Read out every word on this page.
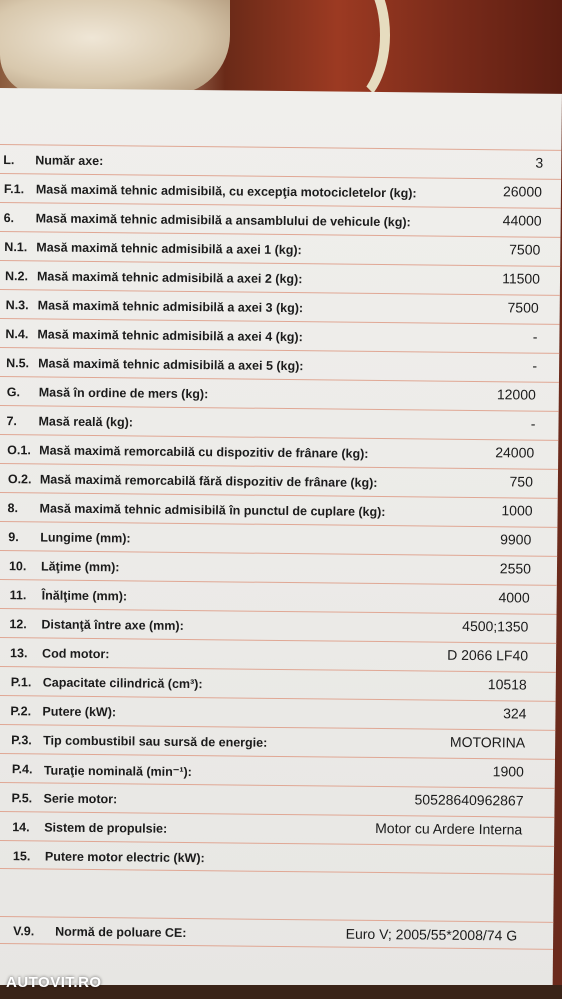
L.	Număr axe:	3
F.1. Masă maximă tehnic admisibilă, cu excepţia motocicletelor (kg):	26000
6.	Masă maximă tehnic admisibilă a ansamblului de vehicule (kg):	44000
N.1. Masă maximă tehnic admisibilă a axei 1 (kg):	7500
N.2. Masă maximă tehnic admisibilă a axei 2 (kg):	11500
N.3. Masă maximă tehnic admisibilă a axei 3 (kg):	7500
N.4. Masă maximă tehnic admisibilă a axei 4 (kg):	-
N.5. Masă maximă tehnic admisibilă a axei 5 (kg):	-
G.	Masă în ordine de mers (kg):	12000
7.	Masă reală (kg):	-
O.1. Masă maximă remorcabilă cu dispozitiv de frânare (kg):	24000
O.2. Masă maximă remorcabilă fără dispozitiv de frânare (kg):	750
8.	Masă maximă tehnic admisibilă în punctul de cuplare (kg):	1000
9.	Lungime (mm):	9900
10.	Lăţime (mm):	2550
11.	Înălţime (mm):	4000
12.	Distanţă între axe (mm):	4500;1350
13.	Cod motor:	D 2066 LF40
P.1. Capacitate cilindrică (cm³):	10518
P.2. Putere (kW):	324
P.3. Tip combustibil sau sursă de energie:	MOTORINA
P.4. Turaţie nominală (min⁻¹):	1900
P.5. Serie motor:	50528640962867
14.	Sistem de propulsie:	Motor cu Ardere Interna
15.	Putere motor electric (kW):
V.9. Normă de poluare CE:	Euro V; 2005/55*2008/74 G
AUTOVIT.RO
